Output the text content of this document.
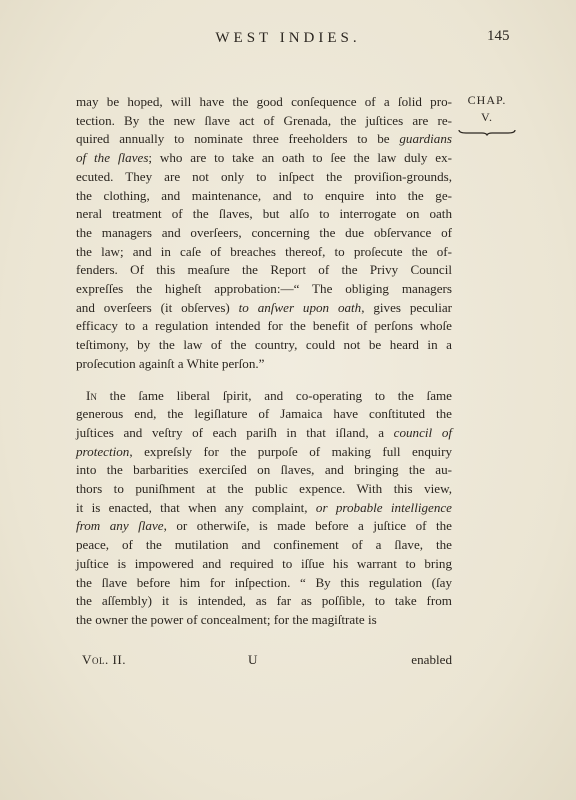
WEST INDIES.	145
CHAP.
V.
may be hoped, will have the good conſequence of a ſolid pro-
tection. By the new ſlave act of Grenada, the juſtices are re-
quired annually to nominate three freeholders to be guardians
of the ſlaves; who are to take an oath to ſee the law duly ex-
ecuted. They are not only to inſpect the proviſion-grounds,
the clothing, and maintenance, and to enquire into the ge-
neral treatment of the ſlaves, but alſo to interrogate on oath
the managers and overſeers, concerning the due obſervance of
the law; and in caſe of breaches thereof, to proſecute the of-
fenders. Of this meaſure the Report of the Privy Council
expreſſes the higheſt approbation:—“ The obliging managers
and overſeers (it obſerves) to anſwer upon oath, gives peculiar
efficacy to a regulation intended for the benefit of perſons whoſe
teſtimony, by the law of the country, could not be heard in a
proſecution againſt a White perſon.”
In the ſame liberal ſpirit, and co-operating to the ſame
generous end, the legiſlature of Jamaica have conſtituted the
juſtices and veſtry of each pariſh in that iſland, a council of
protection, expreſsly for the purpoſe of making full enquiry
into the barbarities exerciſed on ſlaves, and bringing the au-
thors to puniſhment at the public expence. With this view,
it is enacted, that when any complaint, or probable intelligence
from any ſlave, or otherwiſe, is made before a juſtice of the
peace, of the mutilation and confinement of a ſlave, the
juſtice is impowered and required to iſſue his warrant to bring
the ſlave before him for inſpection. “ By this regulation (ſay
the aſſembly) it is intended, as far as poſſible, to take from
the owner the power of concealment; for the magiſtrate is
Vol. II.	U	enabled
